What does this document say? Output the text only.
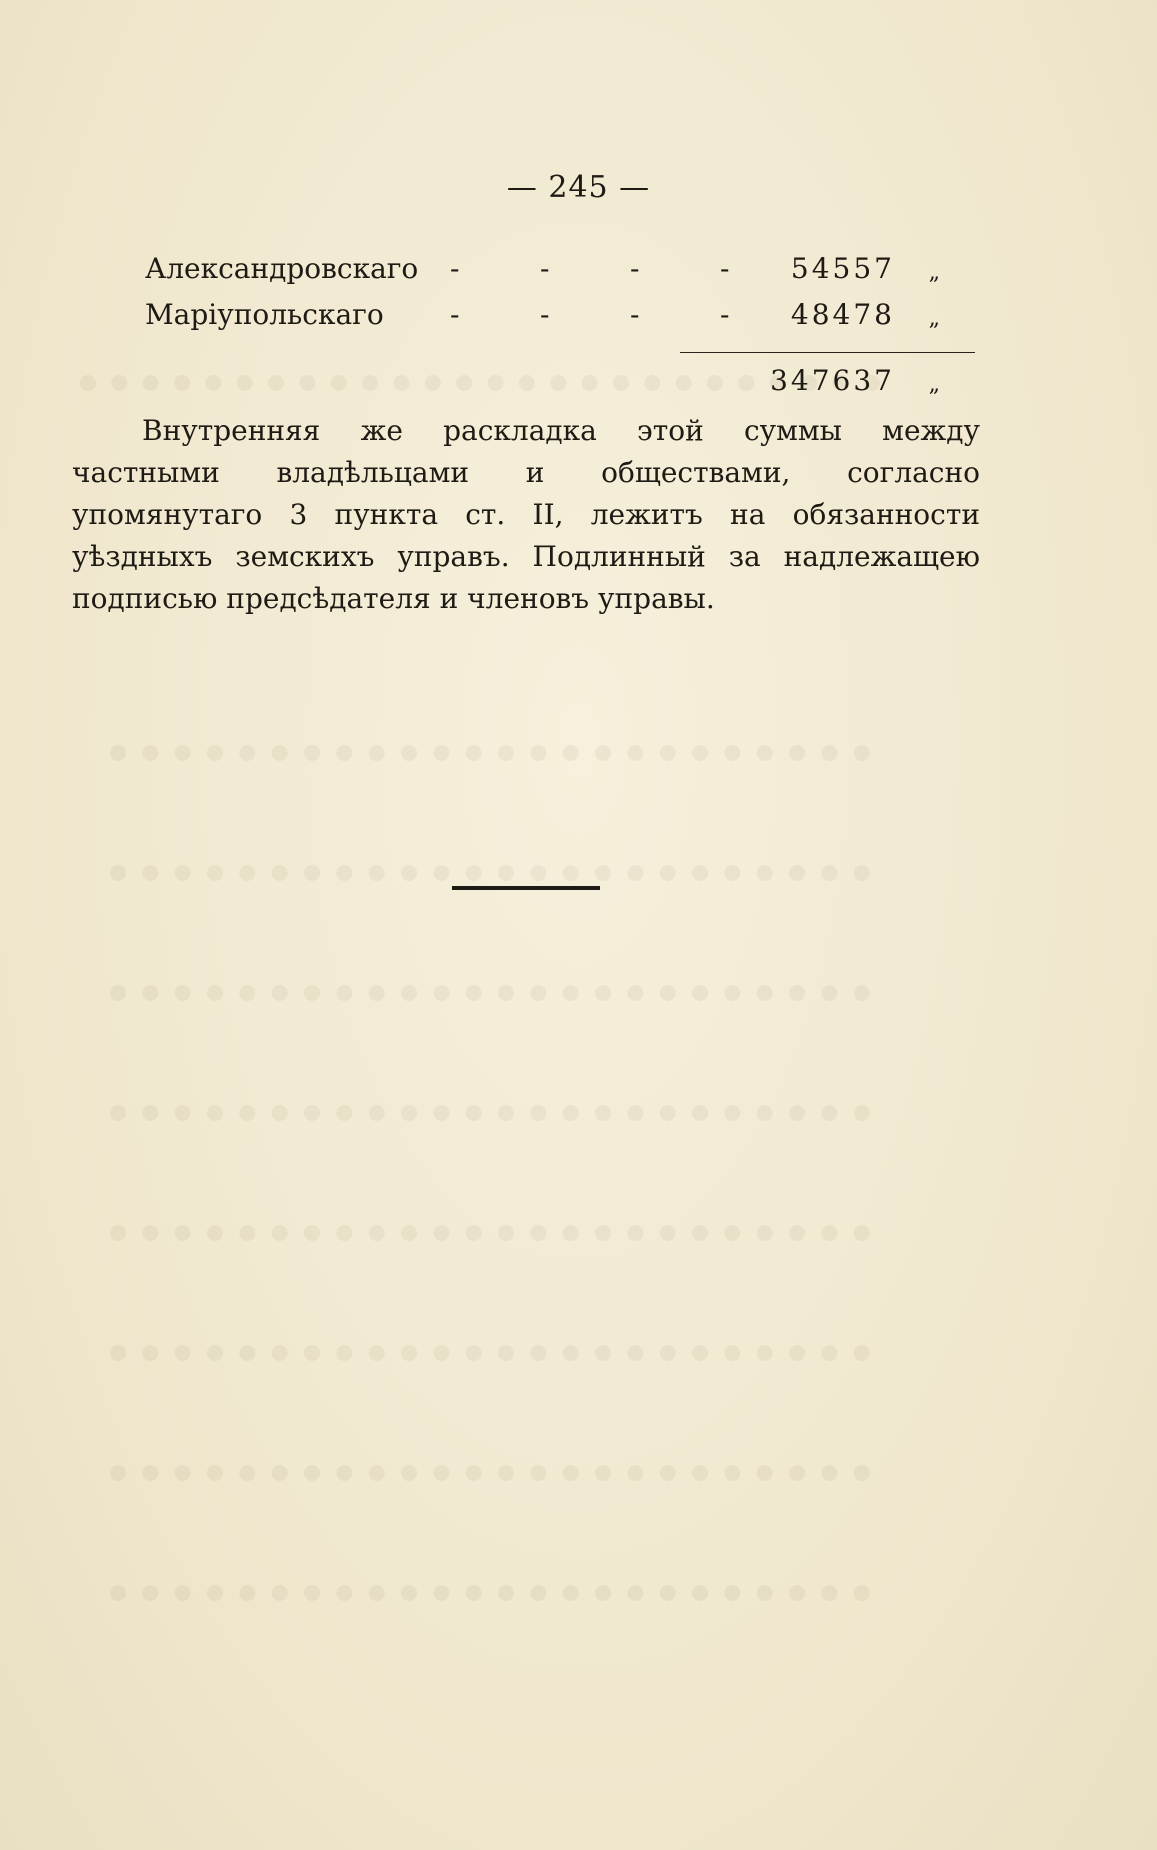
— 245 —
Александровскаго -	-	-	- 54557 „
Маріупольскаго -	-	-	- 48478 „
347637 „
Внутренняя же раскладка этой суммы между частными владѣльцами и обществами, согласно упомянутаго 3 пункта ст. II, лежитъ на обязанности уѣздныхъ земскихъ управъ. Подлинный за надлежащею подписью предсѣдателя и членовъ управы.
